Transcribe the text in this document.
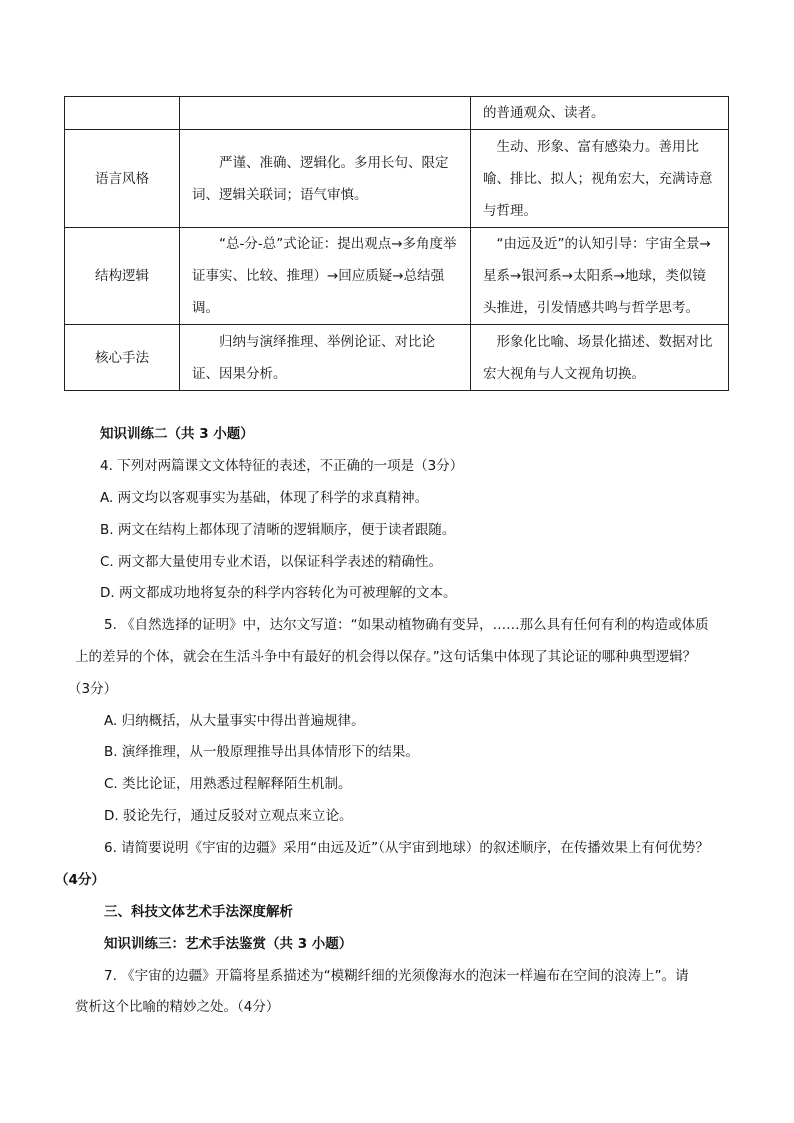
		的普通观众、读者。

语言风格	严谨、准确、逻辑化。多用长句、限定词、逻辑关联词；语气审慎。	生动、形象、富有感染力。善用比喻、排比、拟人；视角宏大，充满诗意与哲理。

结构逻辑	“总-分-总”式论证：提出观点→多角度举证事实、比较、推理）→回应质疑→总结强调。	“由远及近”的认知引导：宇宙全景→星系→银河系→太阳系→地球，类似镜头推进，引发情感共鸣与哲学思考。

核心手法	归纳与演绎推理、举例论证、对比论证、因果分析。	形象化比喻、场景化描述、数据对比宏大视角与人文视角切换。
知识训练二（共 3 小题）
4. 下列对两篇课文文体特征的表述，不正确的一项是（3分）
A. 两文均以客观事实为基础，体现了科学的求真精神。
B. 两文在结构上都体现了清晰的逻辑顺序，便于读者跟随。
C. 两文都大量使用专业术语，以保证科学表述的精确性。
D. 两文都成功地将复杂的科学内容转化为可被理解的文本。
5. 《自然选择的证明》中，达尔文写道：“如果动植物确有变异，……那么具有任何有利的构造或体质
上的差异的个体，就会在生活斗争中有最好的机会得以保存。”这句话集中体现了其论证的哪种典型逻辑？
（3分）
A. 归纳概括，从大量事实中得出普遍规律。
B. 演绎推理，从一般原理推导出具体情形下的结果。
C. 类比论证，用熟悉过程解释陌生机制。
D. 驳论先行，通过反驳对立观点来立论。
6. 请简要说明《宇宙的边疆》采用“由远及近”（从宇宙到地球）的叙述顺序，在传播效果上有何优势？
（4分）
三、科技文体艺术手法深度解析
知识训练三：艺术手法鉴赏（共 3 小题）
7. 《宇宙的边疆》开篇将星系描述为“模糊纤细的光须像海水的泡沫一样遍布在空间的浪涛上”。请
赏析这个比喻的精妙之处。（4分）
